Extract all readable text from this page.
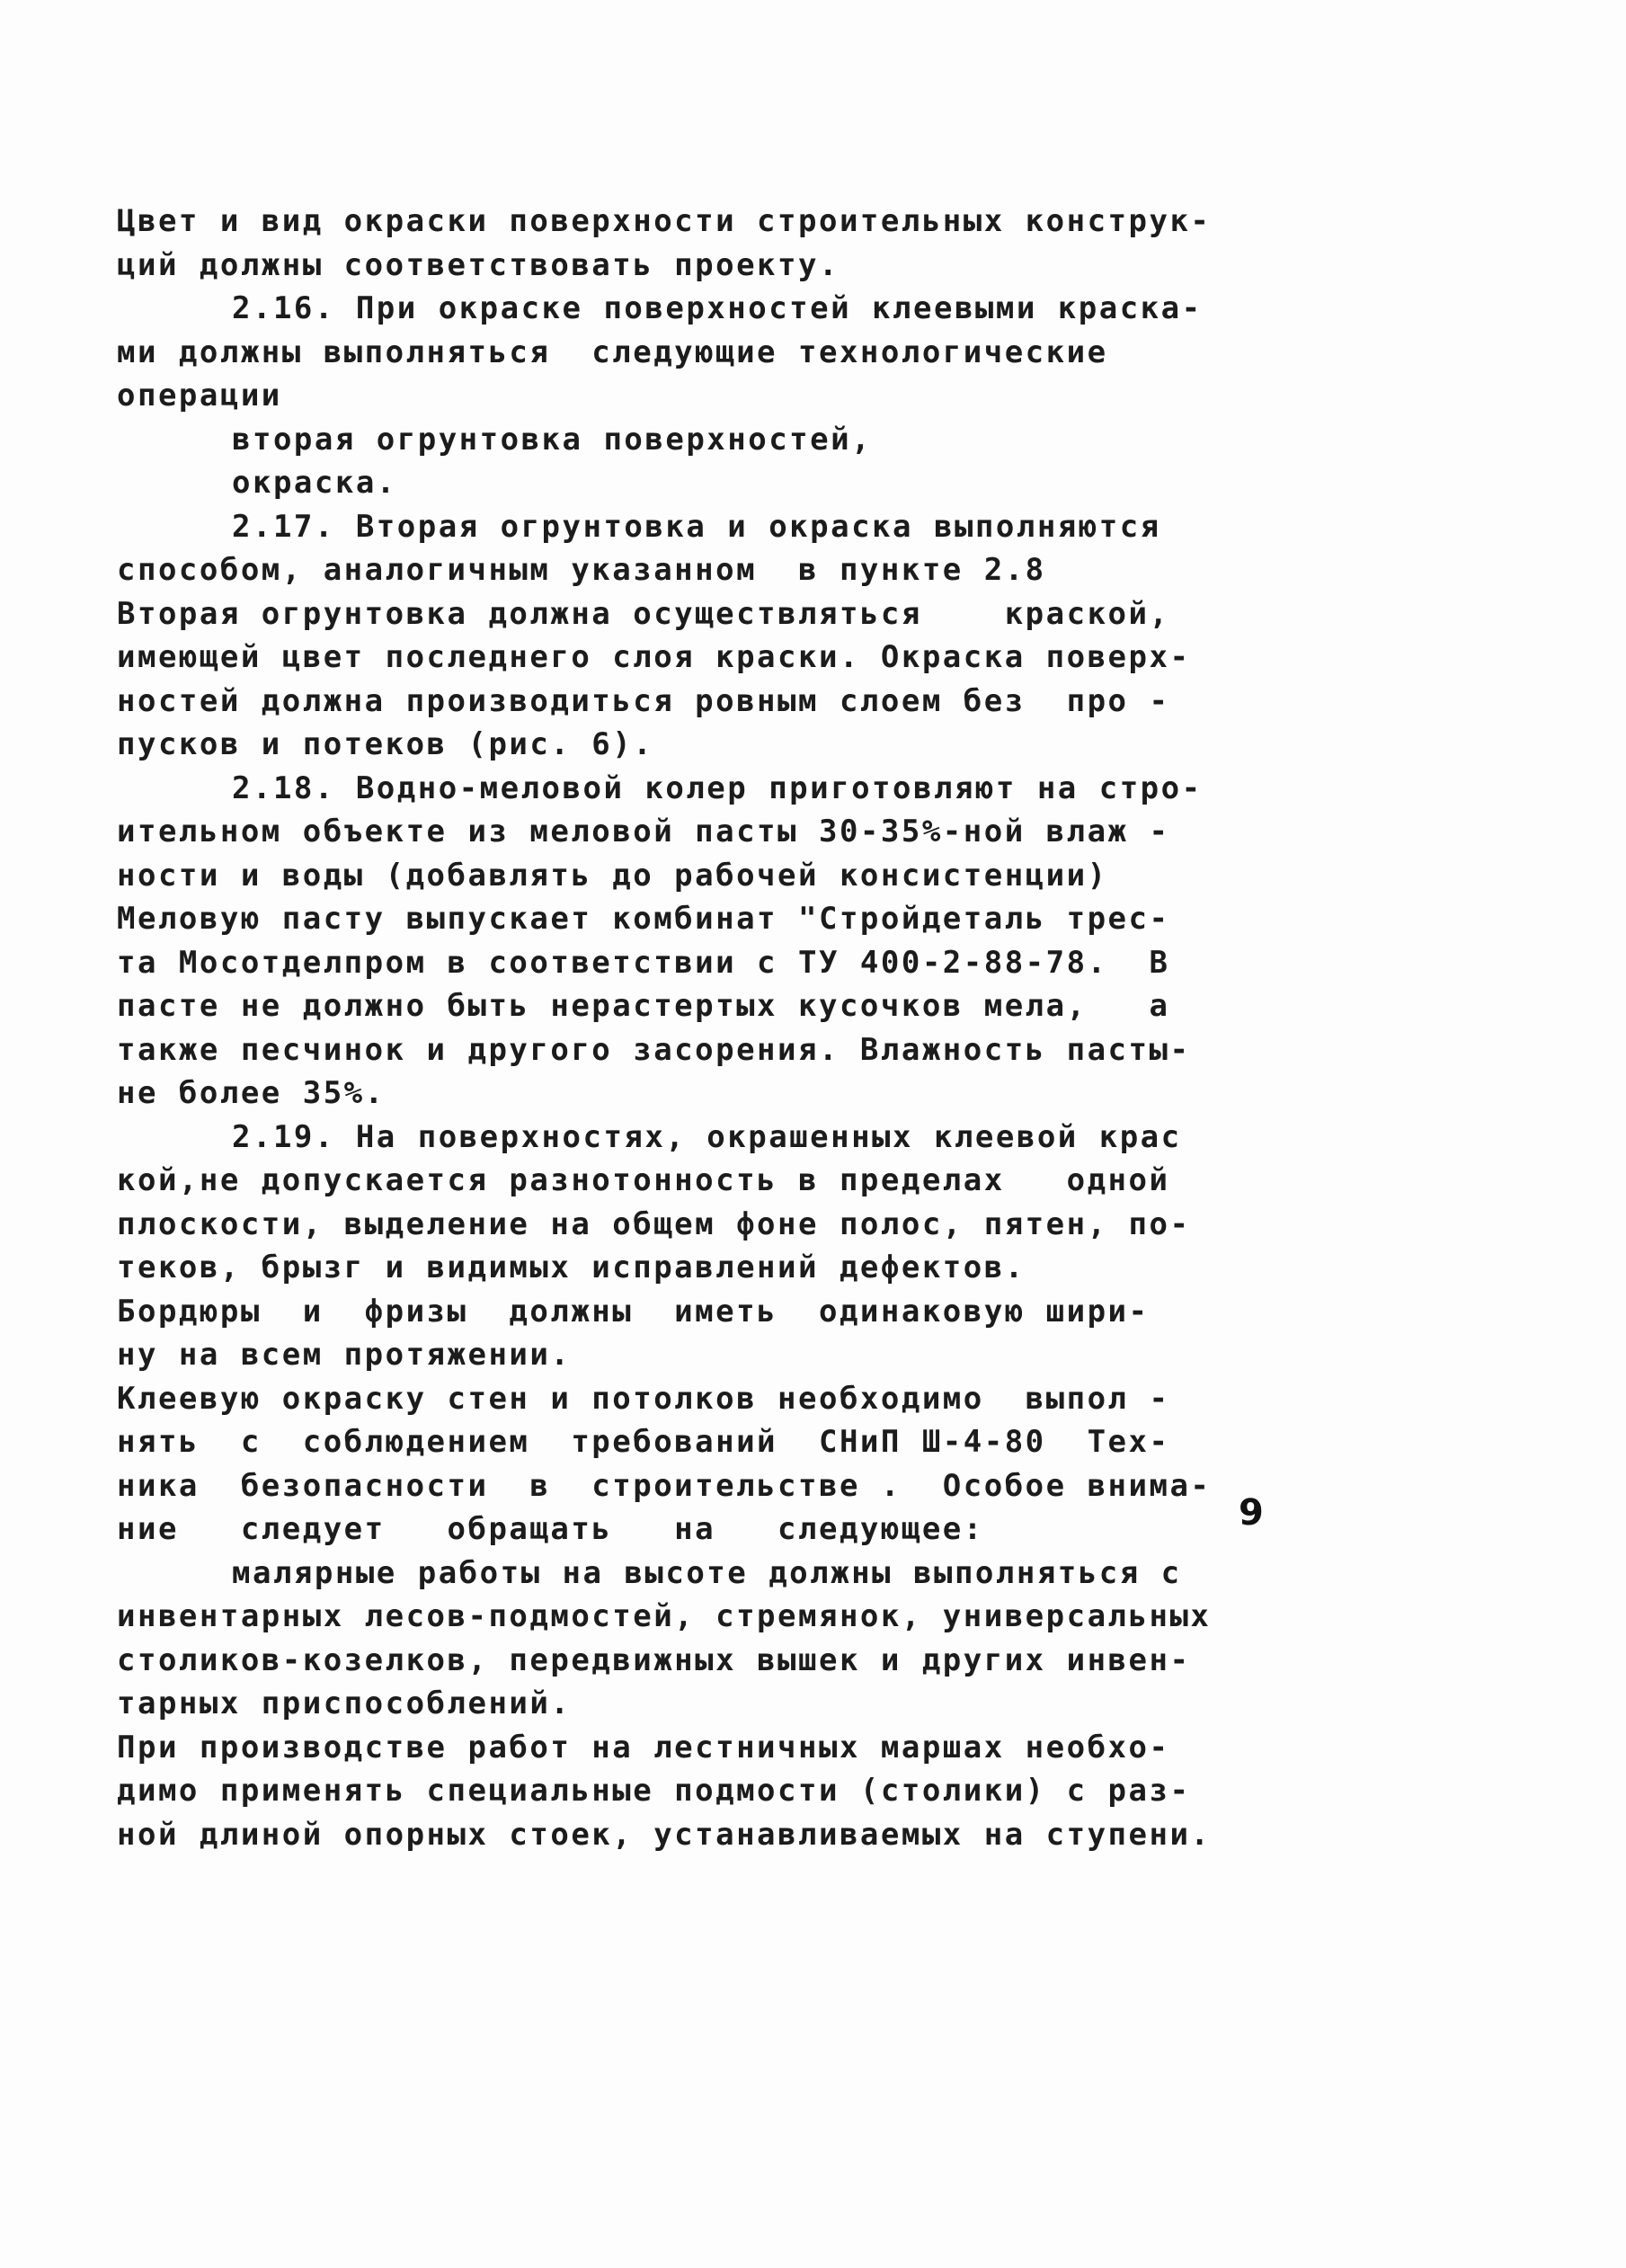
Цвет и вид окраски поверхности строительных конструк-
ций должны соответствовать проекту.
2.16. При окраске поверхностей клеевыми краска-
ми должны выполняться  следующие технологические
операции
вторая огрунтовка поверхностей,
окраска.
2.17. Вторая огрунтовка и окраска выполняются
способом, аналогичным указанном  в пункте 2.8
Вторая огрунтовка должна осуществляться    краской,
имеющей цвет последнего слоя краски. Окраска поверх-
ностей должна производиться ровным слоем без  про -
пусков и потеков (рис. 6).
2.18. Водно-меловой колер приготовляют на стро-
ительном объекте из меловой пасты 30-35%-ной влаж -
ности и воды (добавлять до рабочей консистенции)
Меловую пасту выпускает комбинат "Стройдеталь трес-
та Мосотделпром в соответствии с ТУ 400-2-88-78.  В
пасте не должно быть нерастертых кусочков мела,   а
также песчинок и другого засорения. Влажность пасты-
не более 35%.
2.19. На поверхностях, окрашенных клеевой крас
кой,не допускается разнотонность в пределах   одной
плоскости, выделение на общем фоне полос, пятен, по-
теков, брызг и видимых исправлений дефектов.
Бордюры  и  фризы  должны  иметь  одинаковую шири-
ну на всем протяжении.
Клеевую окраску стен и потолков необходимо  выпол -
нять  с  соблюдением  требований  СНиП Ш-4-80  Тех-
ника  безопасности  в  строительстве .  Особое внима-
ние   следует   обращать   на   следующее:
малярные работы на высоте должны выполняться с
инвентарных лесов-подмостей, стремянок, универсальных
столиков-козелков, передвижных вышек и других инвен-
тарных приспособлений.
При производстве работ на лестничных маршах необхо-
димо применять специальные подмости (столики) с раз-
ной длиной опорных стоек, устанавливаемых на ступени.
9
